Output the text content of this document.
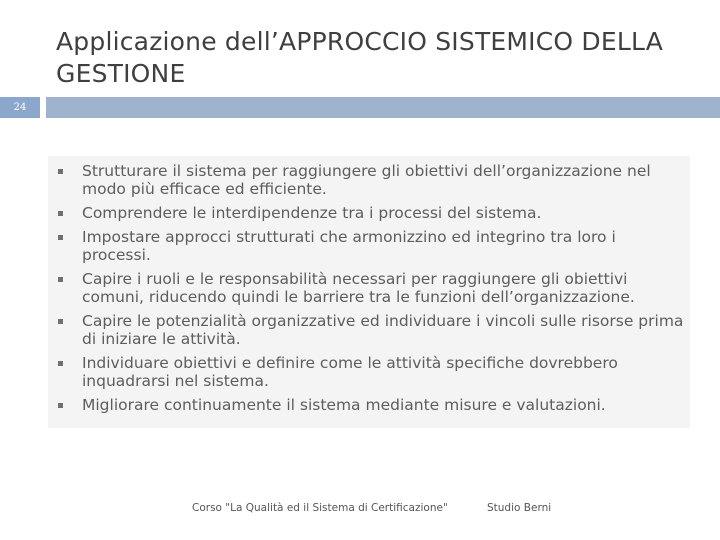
Applicazione dell’APPROCCIO SISTEMICO DELLA GESTIONE
24
Strutturare il sistema per raggiungere gli obiettivi dell’organizzazione nel modo più efficace ed efficiente.
Comprendere le interdipendenze tra i processi del sistema.
Impostare approcci strutturati che armonizzino ed integrino tra loro i processi.
Capire i ruoli e le responsabilità necessari per raggiungere gli obiettivi comuni, riducendo quindi le barriere tra le funzioni dell’organizzazione.
Capire le potenzialità organizzative ed individuare i vincoli sulle risorse prima di iniziare le attività.
Individuare obiettivi e definire come le attività specifiche dovrebbero inquadrarsi nel sistema.
Migliorare continuamente il sistema mediante misure e valutazioni.
Corso "La Qualità ed il Sistema di Certificazione"	Studio Berni
